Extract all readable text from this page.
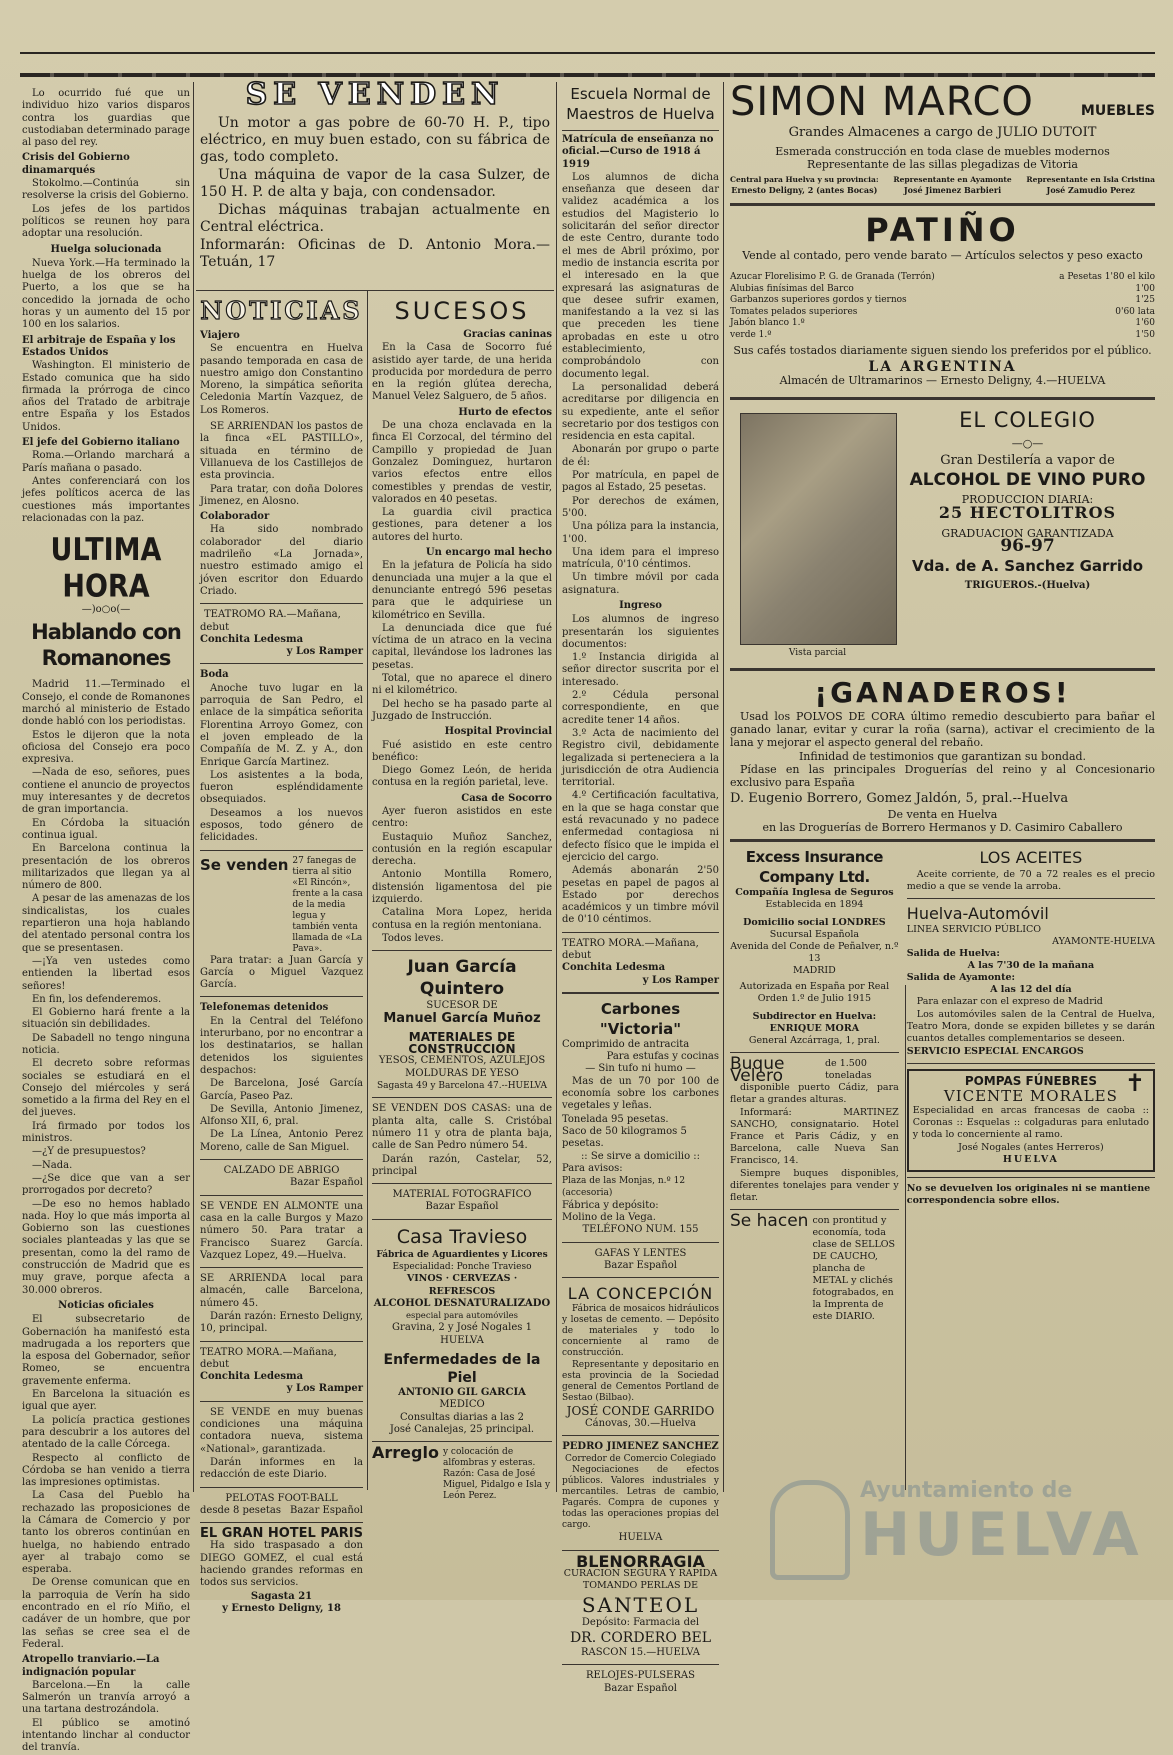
Lo ocurrido fué que un individuo hizo varios disparos contra los guardias que custodiaban determinado parage al paso del rey.

Crisis del Gobierno dinamarqués

Stokolmo.—Continúa sin resolverse la crisis del Gobierno.

Los jefes de los partidos políticos se reunen hoy para adoptar una resolución.

Huelga solucionada

Nueva York.—Ha terminado la huelga de los obreros del Puerto, a los que se ha concedido la jornada de ocho horas y un aumento del 15 por 100 en los salarios.

El arbitraje de España y los Estados Unidos

Washington. El ministerio de Estado comunica que ha sido firmada la prórroga de cinco años del Tratado de arbitraje entre España y los Estados Unidos.

El jefe del Gobierno italiano

Roma.—Orlando marchará a París mañana o pasado.

Antes conferenciará con los jefes políticos acerca de las cuestiones más importantes relacionadas con la paz.

ULTIMA HORA
—)o○o(—
Hablando con Romanones

Madrid 11.—Terminado el Consejo, el conde de Romanones marchó al ministerio de Estado donde habló con los periodistas.

Estos le dijeron que la nota oficiosa del Consejo era poco expresiva.

—Nada de eso, señores, pues contiene el anuncio de proyectos muy interesantes y de decretos de gran importancia.

En Córdoba la situación continua igual.

En Barcelona continua la presentación de los obreros militarizados que llegan ya al número de 800.

A pesar de las amenazas de los sindicalistas, los cuales repartieron una hoja hablando del atentado personal contra los que se presentasen.

—¡Ya ven ustedes como entienden la libertad esos señores!

En fin, los defenderemos.

El Gobierno hará frente a la situación sin debilidades.

De Sabadell no tengo ninguna noticia.

El decreto sobre reformas sociales se estudiará en el Consejo del miércoles y será sometido a la firma del Rey en el del jueves.

Irá firmado por todos los ministros.

—¿Y de presupuestos?

—Nada.

—¿Se dice que van a ser prorrogados por decreto?

—De eso no hemos hablado nada. Hoy lo que más importa al Gobierno son las cuestiones sociales planteadas y las que se presentan, como la del ramo de construcción de Madrid que es muy grave, porque afecta a 30.000 obreros.

Noticias oficiales

El subsecretario de Gobernación ha manifestó esta madrugada a los reporters que la esposa del Gobernador, señor Romeo, se encuentra gravemente enferma.

En Barcelona la situación es igual que ayer.

La policía practica gestiones para descubrir a los autores del atentado de la calle Córcega.

Respecto al conflicto de Córdoba se han venido a tierra las impresiones optimistas.

La Casa del Pueblo ha rechazado las proposiciones de la Cámara de Comercio y por tanto los obreros continúan en huelga, no habiendo entrado ayer al trabajo como se esperaba.

De Orense comunican que en la parroquia de Verín ha sido encontrado en el río Miño, el cadáver de un hombre, que por las señas se cree sea el de Federal.

Atropello tranviario.—La indignación popular

Barcelona.—En la calle Salmerón un tranvía arroyó a una tartana destrozándola.

El público se amotinó intentando linchar al conductor del tranvía.

SE VENDEN

Un motor a gas pobre de 60-70 H. P., tipo eléctrico, en muy buen estado, con su fábrica de gas, todo completo.

Una máquina de vapor de la casa Sulzer, de 150 H. P. de alta y baja, con condensador.

Dichas máquinas trabajan actualmente en Central eléctrica.

Informarán: Oficinas de D. Antonio Mora.—Tetuán, 17

NOTICIAS
Viajero

Se encuentra en Huelva pasando temporada en casa de nuestro amigo don Constantino Moreno, la simpática señorita Celedonia Martín Vazquez, de Los Romeros.

SE ARRIENDAN los pastos de la finca «EL PASTILLO», situada en término de Villanueva de los Castillejos de esta provincia.

Para tratar, con doña Dolores Jimenez, en Alosno.

Colaborador

Ha sido nombrado colaborador del diario madrileño «La Jornada», nuestro estimado amigo el jóven escritor don Eduardo Criado.

TEATROMO RA.—Mañana, debut
Conchita Ledesma
y Los Ramper
Boda

Anoche tuvo lugar en la parroquia de San Pedro, el enlace de la simpática señorita Florentina Arroyo Gomez, con el joven empleado de la Compañía de M. Z. y A., don Enrique García Martinez.

Los asistentes a la boda, fueron espléndidamente obsequiados.

Deseamos a los nuevos esposos, todo género de felicidades.

Se venden 27 fanegas de tierra al sitio «El Rincón», frente a la casa de la media legua y también venta llamada de «La Pava».

Para tratar: a Juan García y García o Miguel Vazquez García.

Telefonemas detenidos

En la Central del Teléfono interurbano, por no encontrar a los destinatarios, se hallan detenidos los siguientes despachos:

De Barcelona, José García García, Paseo Paz.

De Sevilla, Antonio Jimenez, Alfonso XII, 6, pral.

De La Línea, Antonio Perez Moreno, calle de San Miguel.

CALZADO DE ABRIGO
Bazar Español

SE VENDE EN ALMONTE una casa en la calle Burgos y Mazo número 50. Para tratar a Francisco Suarez García. Vazquez Lopez, 49.—Huelva.

SE ARRIENDA local para almacén, calle Barcelona, número 45.

Darán razón: Ernesto Deligny, 10, principal.

TEATRO MORA.—Mañana, debut
Conchita Ledesma
y Los Ramper

SE VENDE en muy buenas condiciones una máquina contadora nueva, sistema «National», garantizada.

Darán informes en la redacción de este Diario.

PELOTAS FOOT-BALL
desde 8 pesetas Bazar Español
EL GRAN HOTEL PARIS

Ha sido traspasado a don DIEGO GOMEZ, el cual está haciendo grandes reformas en todos sus servicios.

Sagasta 21
y Ernesto Deligny, 18
SUCESOS
Gracias caninas

En la Casa de Socorro fué asistido ayer tarde, de una herida producida por mordedura de perro en la región glútea derecha, Manuel Velez Salguero, de 5 años.

Hurto de efectos

De una choza enclavada en la finca El Corzocal, del término del Campillo y propiedad de Juan Gonzalez Dominguez, hurtaron varios efectos entre ellos comestibles y prendas de vestir, valorados en 40 pesetas.

La guardia civil practica gestiones, para detener a los autores del hurto.

Un encargo mal hecho

En la jefatura de Policía ha sido denunciada una mujer a la que el denunciante entregó 596 pesetas para que le adquiriese un kilométrico en Sevilla.

La denunciada dice que fué víctima de un atraco en la vecina capital, llevándose los ladrones las pesetas.

Total, que no aparece el dinero ni el kilométrico.

Del hecho se ha pasado parte al Juzgado de Instrucción.

Hospital Provincial

Fué asistido en este centro benéfico:

Diego Gomez León, de herida contusa en la región parietal, leve.

Casa de Socorro

Ayer fueron asistidos en este centro:

Eustaquio Muñoz Sanchez, contusión en la región escapular derecha.

Antonio Montilla Romero, distensión ligamentosa del pie izquierdo.

Catalina Mora Lopez, herida contusa en la región mentoniana.

Todos leves.

Juan García Quintero
SUCESOR DE
Manuel García Muñoz
MATERIALES DE CONSTRUCCIÓN
YESOS, CEMENTOS, AZULEJOS
MOLDURAS DE YESO
Sagasta 49 y Barcelona 47.--HUELVA

SE VENDEN DOS CASAS: una de planta alta, calle S. Cristóbal número 11 y otra de planta baja, calle de San Pedro número 54.

Darán razón, Castelar, 52, principal

MATERIAL FOTOGRAFICO
Bazar Español
Casa Travieso
Fábrica de Aguardientes y Licores
Especialidad: Ponche Travieso
VINOS · CERVEZAS · REFRESCOS
ALCOHOL DESNATURALIZADO
especial para automóviles
Gravina, 2 y José Nogales 1
HUELVA
Enfermedades de la Piel
ANTONIO GIL GARCIA
MEDICO
Consultas diarias a las 2
José Canalejas, 25 principal.
Arreglo y colocación de alfombras y esteras. Razón: Casa de José Miguel, Pidalgo e Isla y León Perez.
Escuela Normal de Maestros de Huelva
Matrícula de enseñanza no oficial.—Curso de 1918 á 1919

Los alumnos de dicha enseñanza que deseen dar validez académica a los estudios del Magisterio lo solicitarán del señor director de este Centro, durante todo el mes de Abril próximo, por medio de instancia escrita por el interesado en la que expresará las asignaturas de que desee sufrir examen, manifestando a la vez si las que preceden les tiene aprobadas en este u otro establecimiento, comprobándolo con documento legal.

La personalidad deberá acreditarse por diligencia en su expediente, ante el señor secretario por dos testigos con residencia en esta capital.

Abonarán por grupo o parte de él:

Por matrícula, en papel de pagos al Estado, 25 pesetas.

Por derechos de exámen, 5'00.

Una póliza para la instancia, 1'00.

Una idem para el impreso matrícula, 0'10 céntimos.

Un timbre móvil por cada asignatura.

Ingreso

Los alumnos de ingreso presentarán los siguientes documentos:

1.º Instancia dirigida al señor director suscrita por el interesado.

2.º Cédula personal correspondiente, en que acredite tener 14 años.

3.º Acta de nacimiento del Registro civil, debidamente legalizada si perteneciera a la jurisdicción de otra Audiencia territorial.

4.º Certificación facultativa, en la que se haga constar que está revacunado y no padece enfermedad contagiosa ni defecto físico que le impida el ejercicio del cargo.

Además abonarán 2'50 pesetas en papel de pagos al Estado por derechos académicos y un timbre móvil de 0'10 céntimos.

TEATRO MORA.—Mañana, debut
Conchita Ledesma
y Los Ramper
Carbones "Victoria"
Comprimido de antracita
Para estufas y cocinas
— Sin tufo ni humo —

Mas de un 70 por 100 de economía sobre los carbones vegetales y leñas.

Tonelada 95 pesetas.
Saco de 50 kilogramos 5 pesetas.
:: Se sirve a domicilio ::
Para avisos:
Plaza de las Monjas, n.º 12 (accesoria)
Fábrica y depósito:
Molino de la Vega.
TELÉFONO NUM. 155
GAFAS Y LENTES
Bazar Español
LA CONCEPCIÓN

Fábrica de mosaicos hidráulicos y losetas de cemento. — Depósito de materiales y todo lo concerniente al ramo de construcción.

Representante y depositario en esta provincia de la Sociedad general de Cementos Portland de Sestao (Bilbao).

JOSÉ CONDE GARRIDO
Cánovas, 30.—Huelva
PEDRO JIMENEZ SANCHEZ
Corredor de Comercio Colegiado

Negociaciones de efectos públicos. Valores industriales y mercantiles. Letras de cambio, Pagarés. Compra de cupones y todas las operaciones propias del cargo.

HUELVA
BLENORRAGIA
CURACION SEGURA Y RAPIDA
TOMANDO PERLAS DE
SANTEOL
Depósito: Farmacia del
DR. CORDERO BEL
RASCON 15.—HUELVA
RELOJES-PULSERAS
Bazar Español
SIMON MARCO	MUEBLES
Grandes Almacenes a cargo de JULIO DUTOIT
Esmerada construcción en toda clase de muebles modernos
Representante de las sillas plegadizas de Vitoria
Central para Huelva y su provincia:
Ernesto Deligny, 2 (antes Bocas)
Representante en Ayamonte
José Jimenez Barbieri
Representante en Isla Cristina
José Zamudio Perez
PATIÑO
Vende al contado, pero vende barato — Artículos selectos y peso exacto
Azucar Florelisimo P. G. de Granada (Terrón)	a Pesetas 1'80 el kilo
Alubias finísimas del Barco	1'00
Garbanzos superiores gordos y tiernos	1'25
Tomates pelados superiores	0'60 lata
Jabón blanco 1.º	1'60
verde 1.º	1'50
Sus cafés tostados diariamente siguen siendo los preferidos por el público.
LA ARGENTINA
Almacén de Ultramarinos — Ernesto Deligny, 4.—HUELVA
Vista parcial
EL COLEGIO
—○—
Gran Destilería a vapor de
ALCOHOL DE VINO PURO
PRODUCCION DIARIA:
25 HECTOLITROS
GRADUACION GARANTIZADA
96-97
Vda. de A. Sanchez Garrido
TRIGUEROS.-(Huelva)
¡GANADEROS!

Usad los POLVOS DE CORA último remedio descubierto para bañar el ganado lanar, evitar y curar la roña (sarna), activar el crecimiento de la lana y mejorar el aspecto general del rebaño.

Infinidad de testimonios que garantizan su bondad.

Pídase en las principales Droguerías del reino y al Concesionario exclusivo para España

D. Eugenio Borrero, Gomez Jaldón, 5, pral.--Huelva
De venta en Huelva
en las Droguerías de Borrero Hermanos y D. Casimiro Caballero
Excess Insurance Company Ltd.
Compañía Inglesa de Seguros
Establecida en 1894
Domicilio social LONDRES
Sucursal Española
Avenida del Conde de Peñalver, n.º 13
MADRID
Autorizada en España por Real Orden 1.º de Julio 1915
Subdirector en Huelva:
ENRIQUE MORA
General Azcárraga, 1, pral.
Buque Velero
de 1.500 toneladas

disponible puerto Cádiz, para fletar a grandes alturas.

Informará: MARTINEZ SANCHO, consignatario. Hotel France et Paris Cádiz, y en Barcelona, calle Nueva San Francisco, 14.

Siempre buques disponibles, diferentes tonelajes para vender y fletar.

Se hacen con prontitud y economía, toda clase de SELLOS DE CAUCHO, plancha de METAL y clichés fotograbados, en la Imprenta de este DIARIO.
LOS ACEITES

Aceite corriente, de 70 a 72 reales es el precio medio a que se vende la arroba.

Huelva-Automóvil
LINEA SERVICIO PÚBLICO
AYAMONTE-HUELVA
Salida de Huelva:
A las 7'30 de la mañana
Salida de Ayamonte:
A las 12 del día

Para enlazar con el expreso de Madrid

Los automóviles salen de la Central de Huelva, Teatro Mora, donde se expiden billetes y se darán cuantos detalles complementarios se deseen.

SERVICIO ESPECIAL ENCARGOS
✝
POMPAS FÚNEBRES
VICENTE MORALES

Especialidad en arcas francesas de caoba :: Coronas :: Esquelas :: colgaduras para enlutado y toda lo concerniente al ramo.

José Nogales (antes Herreros)
HUELVA
No se devuelven los originales ni se mantiene correspondencia sobre ellos.
Ayuntamiento de
HUELVA
